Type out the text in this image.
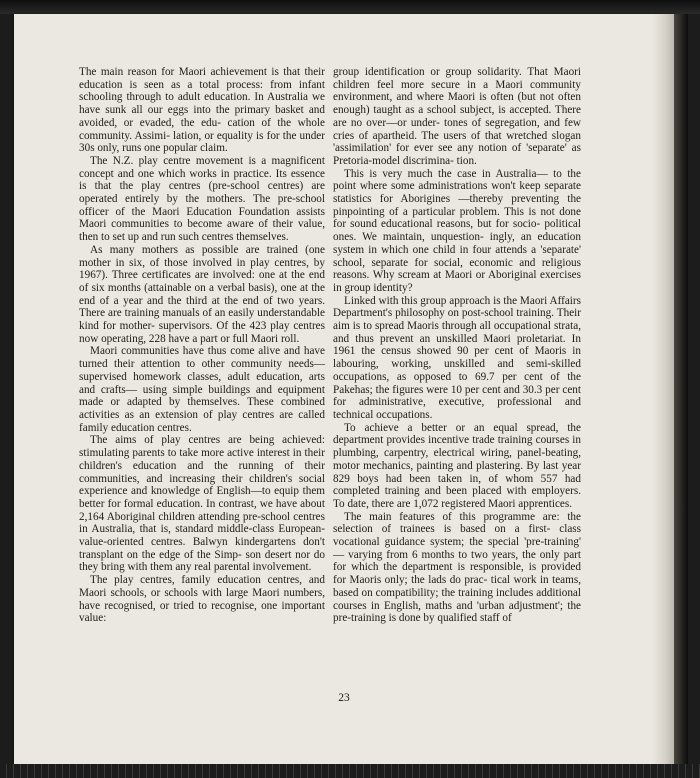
The main reason for Maori achievement is that their education is seen as a total process: from infant schooling through to adult education. In Australia we have sunk all our eggs into the primary basket and avoided, or evaded, the edu- cation of the whole community. Assimi- lation, or equality is for the under 30s only, runs one popular claim.

The N.Z. play centre movement is a magnificent concept and one which works in practice. Its essence is that the play centres (pre-school centres) are operated entirely by the mothers. The pre-school officer of the Maori Education Foundation assists Maori communities to become aware of their value, then to set up and run such centres themselves.

As many mothers as possible are trained (one mother in six, of those involved in play centres, by 1967). Three certificates are involved: one at the end of six months (attainable on a verbal basis), one at the end of a year and the third at the end of two years. There are training manuals of an easily understandable kind for mother- supervisors. Of the 423 play centres now operating, 228 have a part or full Maori roll.

Maori communities have thus come alive and have turned their attention to other community needs—supervised homework classes, adult education, arts and crafts— using simple buildings and equipment made or adapted by themselves. These combined activities as an extension of play centres are called family education centres.

The aims of play centres are being achieved: stimulating parents to take more active interest in their children's education and the running of their communities, and increasing their children's social experience and knowledge of English—to equip them better for formal education. In contrast, we have about 2,164 Aboriginal children attending pre-school centres in Australia, that is, standard middle-class European- value-oriented centres. Balwyn kindergartens don't transplant on the edge of the Simp- son desert nor do they bring with them any real parental involvement.

The play centres, family education centres, and Maori schools, or schools with large Maori numbers, have recognised, or tried to recognise, one important value:

group identification or group solidarity. That Maori children feel more secure in a Maori community environment, and where Maori is often (but not often enough) taught as a school subject, is accepted. There are no over—or under- tones of segregation, and few cries of apartheid. The users of that wretched slogan 'assimilation' for ever see any notion of 'separate' as Pretoria-model discrimina- tion.

This is very much the case in Australia— to the point where some administrations won't keep separate statistics for Aborigines —thereby preventing the pinpointing of a particular problem. This is not done for sound educational reasons, but for socio- political ones. We maintain, unquestion- ingly, an education system in which one child in four attends a 'separate' school, separate for social, economic and religious reasons. Why scream at Maori or Aboriginal exercises in group identity?

Linked with this group approach is the Maori Affairs Department's philosophy on post-school training. Their aim is to spread Maoris through all occupational strata, and thus prevent an unskilled Maori proletariat. In 1961 the census showed 90 per cent of Maoris in labouring, working, unskilled and semi-skilled occupations, as opposed to 69.7 per cent of the Pakehas; the figures were 10 per cent and 30.3 per cent for administrative, executive, professional and technical occupations.

To achieve a better or an equal spread, the department provides incentive trade training courses in plumbing, carpentry, electrical wiring, panel-beating, motor mechanics, painting and plastering. By last year 829 boys had been taken in, of whom 557 had completed training and been placed with employers. To date, there are 1,072 registered Maori apprentices.

The main features of this programme are: the selection of trainees is based on a first- class vocational guidance system; the special 'pre-training' — varying from 6 months to two years, the only part for which the department is responsible, is provided for Maoris only; the lads do prac- tical work in teams, based on compatibility; the training includes additional courses in English, maths and 'urban adjustment'; the pre-training is done by qualified staff of

23
